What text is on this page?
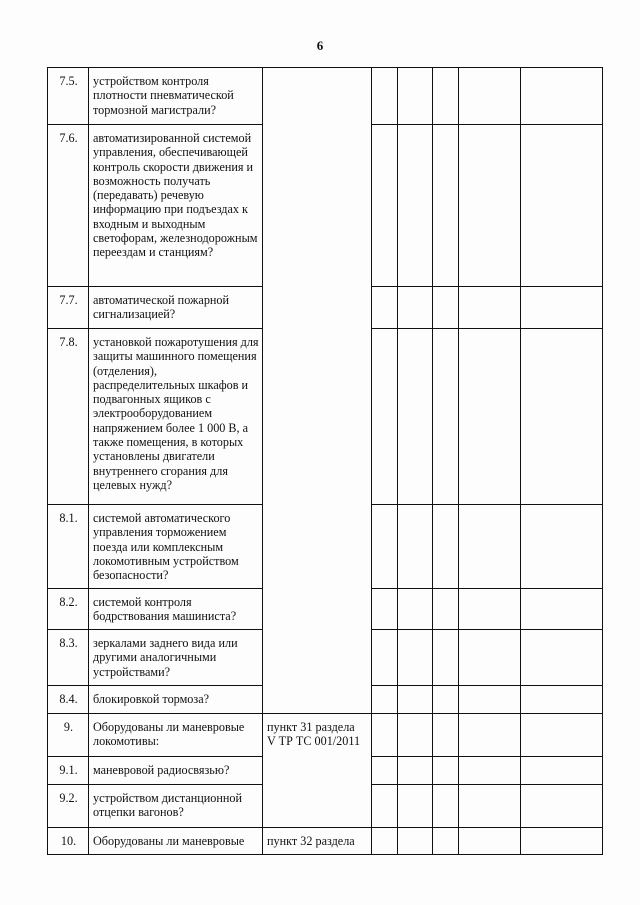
6
7.5.	устройством контроля плотности пневматической тормозной магистрали?						
7.6.	автоматизированной системой управления, обеспечивающей контроль скорости движения и возможность получать (передавать) речевую информацию при подъездах к входным и выходным светофорам, железнодорожным переездам и станциям?						
7.7.	автоматической пожарной сигнализацией?						
7.8.	установкой пожаротушения для защиты машинного помещения (отделения), распределительных шкафов и подвагонных ящиков с электрооборудованием напряжением более 1 000 В, а также помещения, в которых установлены двигатели внутреннего сгорания для целевых нужд?						
8.1.	системой автоматического управления торможением поезда или комплексным локомотивным устройством безопасности?						
8.2.	системой контроля бодрствования машиниста?						
8.3.	зеркалами заднего вида или другими аналогичными устройствами?						
8.4.	блокировкой тормоза?						
9.	Оборудованы ли маневровые локомотивы:	пункт 31 раздела
V ТР ТС 001/2011					

9.1.	маневровой радиосвязью?						
9.2.	устройством дистанционной отцепки вагонов?						
10.	Оборудованы ли маневровые	пункт 32 раздела					
